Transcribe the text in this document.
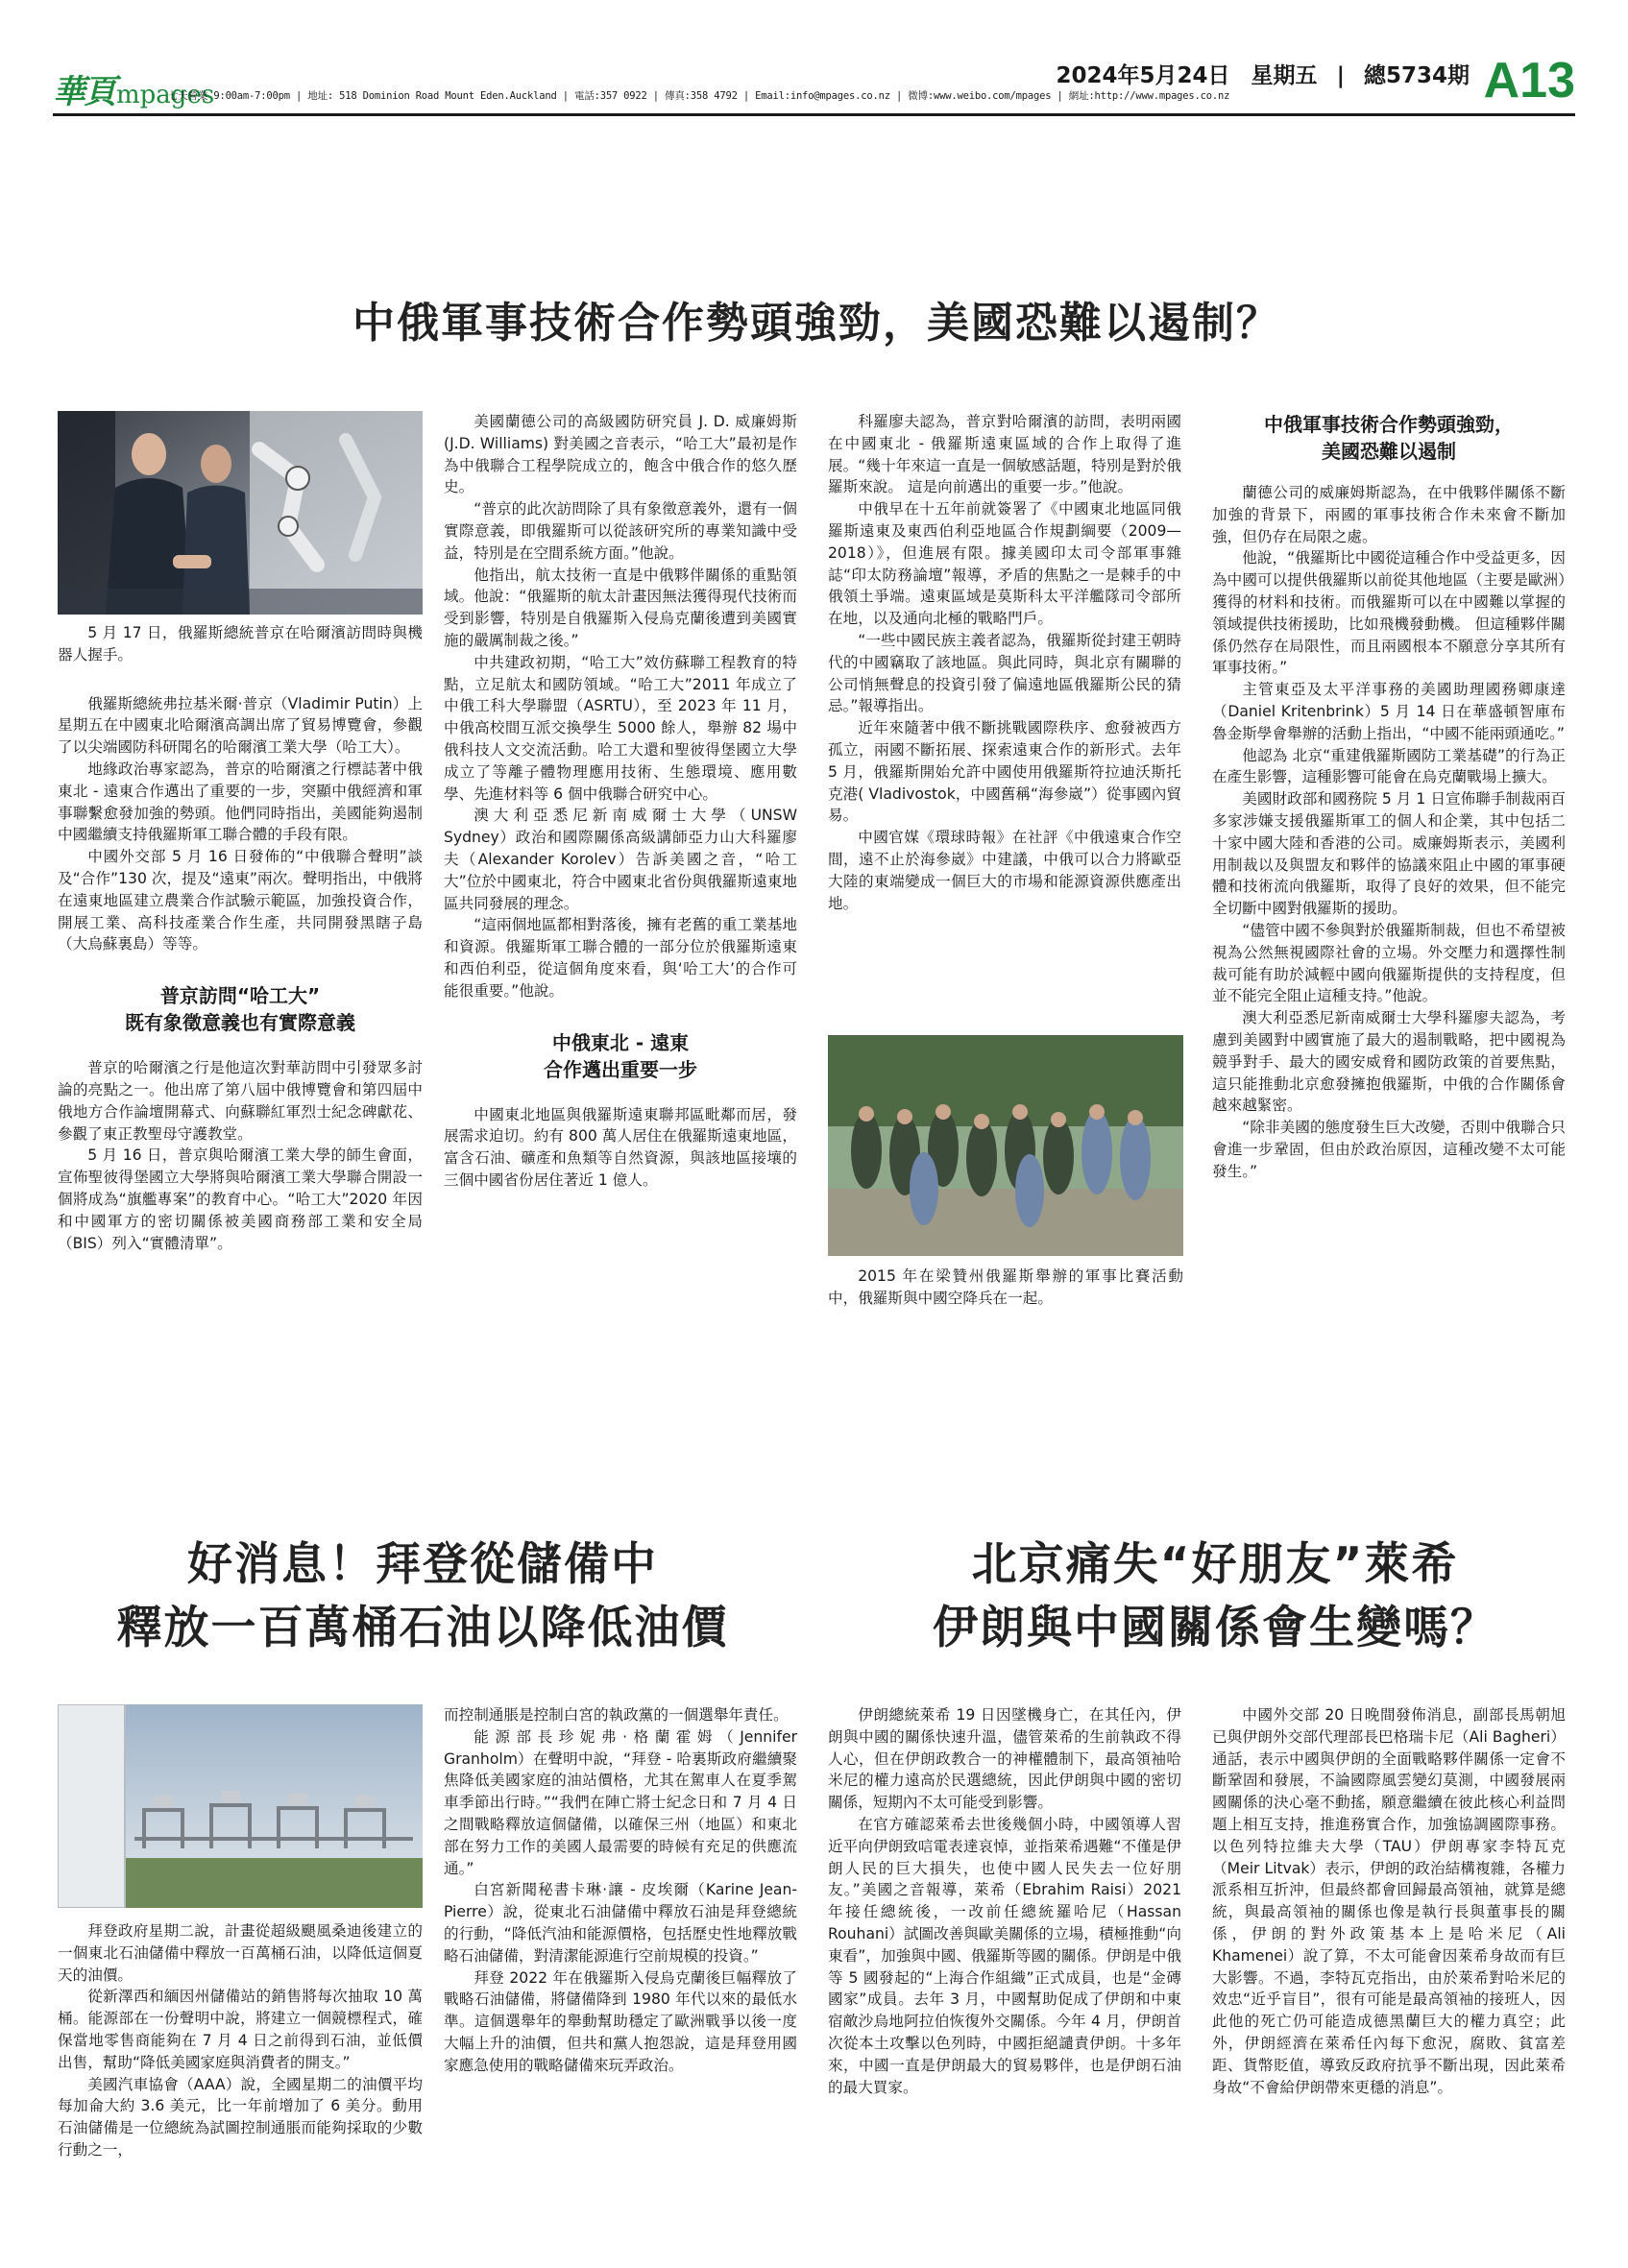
華頁 mpages
七天營業 9:00am-7:00pm | 地址: 518 Dominion Road Mount Eden.Auckland | 電話:357 0922 | 傳真:358 4792 | Email:info@mpages.co.nz | 微博:www.weibo.com/mpages | 網址:http://www.mpages.co.nz
2024年5月24日 星期五 | 總5734期 A13
中俄軍事技術合作勢頭強勁，美國恐難以遏制？

5 月 17 日，俄羅斯總統普京在哈爾濱訪問時與機器人握手。

俄羅斯總統弗拉基米爾·普京（Vladimir Putin）上星期五在中國東北哈爾濱高調出席了貿易博覽會，參觀了以尖端國防科研聞名的哈爾濱工業大學（哈工大）。

地緣政治專家認為，普京的哈爾濱之行標誌著中俄東北 - 遠東合作邁出了重要的一步，突顯中俄經濟和軍事聯繫愈發加強的勢頭。他們同時指出，美國能夠遏制中國繼續支持俄羅斯軍工聯合體的手段有限。

中國外交部 5 月 16 日發佈的“中俄聯合聲明”談及“合作”130 次，提及“遠東”兩次。聲明指出，中俄將在遠東地區建立農業合作試驗示範區，加強投資合作，開展工業、高科技產業合作生產，共同開發黑瞎子島（大烏蘇裏島）等等。

普京訪問“哈工大”
既有象徵意義也有實際意義

普京的哈爾濱之行是他這次對華訪問中引發眾多討論的亮點之一。他出席了第八屆中俄博覽會和第四屆中俄地方合作論壇開幕式、向蘇聯紅軍烈士紀念碑獻花、參觀了東正教聖母守護教堂。

5 月 16 日，普京與哈爾濱工業大學的師生會面，宣佈聖彼得堡國立大學將與哈爾濱工業大學聯合開設一個將成為“旗艦專案”的教育中心。“哈工大”2020 年因和中國軍方的密切關係被美國商務部工業和安全局（BIS）列入“實體清單”。

美國蘭德公司的高級國防研究員 J. D. 威廉姆斯 (J.D. Williams) 對美國之音表示，“哈工大”最初是作為中俄聯合工程學院成立的，飽含中俄合作的悠久歷史。

“普京的此次訪問除了具有象徵意義外，還有一個實際意義，即俄羅斯可以從該研究所的專業知識中受益，特別是在空間系統方面。”他說。

他指出，航太技術一直是中俄夥伴關係的重點領域。他說：“俄羅斯的航太計畫因無法獲得現代技術而受到影響，特別是自俄羅斯入侵烏克蘭後遭到美國實施的嚴厲制裁之後。”

中共建政初期，“哈工大”效仿蘇聯工程教育的特點，立足航太和國防領域。“哈工大”2011 年成立了中俄工科大學聯盟（ASRTU），至 2023 年 11 月，中俄高校間互派交換學生 5000 餘人，舉辦 82 場中俄科技人文交流活動。哈工大還和聖彼得堡國立大學成立了等離子體物理應用技術、生態環境、應用數學、先進材料等 6 個中俄聯合研究中心。

澳大利亞悉尼新南威爾士大學（UNSW Sydney）政治和國際關係高級講師亞力山大科羅廖夫（Alexander Korolev）告訴美國之音，“哈工大”位於中國東北，符合中國東北省份與俄羅斯遠東地區共同發展的理念。

“這兩個地區都相對落後，擁有老舊的重工業基地和資源。俄羅斯軍工聯合體的一部分位於俄羅斯遠東和西伯利亞，從這個角度來看，與‘哈工大’的合作可能很重要。”他說。

中俄東北 - 遠東
合作邁出重要一步

中國東北地區與俄羅斯遠東聯邦區毗鄰而居，發展需求迫切。約有 800 萬人居住在俄羅斯遠東地區，富含石油、礦產和魚類等自然資源，與該地區接壤的三個中國省份居住著近 1 億人。

科羅廖夫認為，普京對哈爾濱的訪問，表明兩國在中國東北 - 俄羅斯遠東區域的合作上取得了進展。“幾十年來這一直是一個敏感話題，特別是對於俄羅斯來說。 這是向前邁出的重要一步。”他說。

中俄早在十五年前就簽署了《中國東北地區同俄羅斯遠東及東西伯利亞地區合作規劃綱要（2009—2018）》，但進展有限。據美國印太司令部軍事雜誌“印太防務論壇”報導，矛盾的焦點之一是棘手的中俄領土爭端。遠東區域是莫斯科太平洋艦隊司令部所在地，以及通向北極的戰略門戶。

“一些中國民族主義者認為，俄羅斯從封建王朝時代的中國竊取了該地區。與此同時，與北京有關聯的公司悄無聲息的投資引發了偏遠地區俄羅斯公民的猜忌。”報導指出。

近年來隨著中俄不斷挑戰國際秩序、愈發被西方孤立，兩國不斷拓展、探索遠東合作的新形式。去年 5 月，俄羅斯開始允許中國使用俄羅斯符拉迪沃斯托克港( Vladivostok，中國舊稱“海參崴”）從事國內貿易。

中國官媒《環球時報》在社評《中俄遠東合作空間，遠不止於海參崴》中建議，中俄可以合力將歐亞大陸的東端變成一個巨大的市場和能源資源供應產出地。

2015 年在梁贊州俄羅斯舉辦的軍事比賽活動中，俄羅斯與中國空降兵在一起。

中俄軍事技術合作勢頭強勁，
美國恐難以遏制

蘭德公司的威廉姆斯認為，在中俄夥伴關係不斷加強的背景下，兩國的軍事技術合作未來會不斷加強，但仍存在局限之處。

他說，“俄羅斯比中國從這種合作中受益更多，因為中國可以提供俄羅斯以前從其他地區（主要是歐洲）獲得的材料和技術。而俄羅斯可以在中國難以掌握的領域提供技術援助，比如飛機發動機。 但這種夥伴關係仍然存在局限性，而且兩國根本不願意分享其所有軍事技術。”

主管東亞及太平洋事務的美國助理國務卿康達（Daniel Kritenbrink）5 月 14 日在華盛頓智庫布魯金斯學會舉辦的活動上指出，“中國不能兩頭通吃。”

他認為 北京“重建俄羅斯國防工業基礎”的行為正在產生影響，這種影響可能會在烏克蘭戰場上擴大。

美國財政部和國務院 5 月 1 日宣佈聯手制裁兩百多家涉嫌支援俄羅斯軍工的個人和企業，其中包括二十家中國大陸和香港的公司。威廉姆斯表示，美國利用制裁以及與盟友和夥伴的協議來阻止中國的軍事硬體和技術流向俄羅斯，取得了良好的效果，但不能完全切斷中國對俄羅斯的援助。

“儘管中國不參與對於俄羅斯制裁，但也不希望被視為公然無視國際社會的立場。外交壓力和選擇性制裁可能有助於減輕中國向俄羅斯提供的支持程度，但並不能完全阻止這種支持。”他說。

澳大利亞悉尼新南威爾士大學科羅廖夫認為，考慮到美國對中國實施了最大的遏制戰略，把中國視為競爭對手、最大的國安威脅和國防政策的首要焦點，這只能推動北京愈發擁抱俄羅斯，中俄的合作關係會越來越緊密。

“除非美國的態度發生巨大改變，否則中俄聯合只會進一步鞏固，但由於政治原因，這種改變不太可能發生。”

好消息！拜登從儲備中
釋放一百萬桶石油以降低油價

拜登政府星期二說，計畫從超級颶風桑迪後建立的一個東北石油儲備中釋放一百萬桶石油，以降低這個夏天的油價。

從新澤西和緬因州儲備站的銷售將每次抽取 10 萬桶。能源部在一份聲明中說，將建立一個競標程式，確保當地零售商能夠在 7 月 4 日之前得到石油，並低價出售，幫助“降低美國家庭與消費者的開支。”

美國汽車協會（AAA）說，全國星期二的油價平均每加侖大約 3.6 美元，比一年前增加了 6 美分。動用石油儲備是一位總統為試圖控制通脹而能夠採取的少數行動之一，

而控制通脹是控制白宮的執政黨的一個選舉年責任。

能源部長珍妮弗·格蘭霍姆（Jennifer Granholm）在聲明中說，“拜登 - 哈裏斯政府繼續聚焦降低美國家庭的油站價格，尤其在駕車人在夏季駕車季節出行時。”“我們在陣亡將士紀念日和 7 月 4 日之間戰略釋放這個儲備，以確保三州（地區）和東北部在努力工作的美國人最需要的時候有充足的供應流通。”

白宮新聞秘書卡琳·讓 - 皮埃爾（Karine Jean-Pierre）說，從東北石油儲備中釋放石油是拜登總統的行動，“降低汽油和能源價格，包括歷史性地釋放戰略石油儲備，對清潔能源進行空前規模的投資。”

拜登 2022 年在俄羅斯入侵烏克蘭後巨幅釋放了戰略石油儲備，將儲備降到 1980 年代以來的最低水準。這個選舉年的舉動幫助穩定了歐洲戰爭以後一度大幅上升的油價，但共和黨人抱怨說，這是拜登用國家應急使用的戰略儲備來玩弄政治。

北京痛失“好朋友”萊希
伊朗與中國關係會生變嗎？

伊朗總統萊希 19 日因墜機身亡，在其任內，伊朗與中國的關係快速升溫，儘管萊希的生前執政不得人心，但在伊朗政教合一的神權體制下，最高領袖哈米尼的權力遠高於民選總統，因此伊朗與中國的密切關係，短期內不太可能受到影響。

在官方確認萊希去世後幾個小時，中國領導人習近平向伊朗致唁電表達哀悼，並指萊希遇難“不僅是伊朗人民的巨大損失，也使中國人民失去一位好朋友。”美國之音報導，萊希（Ebrahim Raisi）2021 年接任總統後，一改前任總統羅哈尼（Hassan Rouhani）試圖改善與歐美關係的立場，積極推動“向東看”，加強與中國、俄羅斯等國的關係。伊朗是中俄等 5 國發起的“上海合作組織”正式成員，也是“金磚國家”成員。去年 3 月，中國幫助促成了伊朗和中東宿敵沙烏地阿拉伯恢復外交關係。今年 4 月，伊朗首次從本土攻擊以色列時，中國拒絕譴責伊朗。十多年來，中國一直是伊朗最大的貿易夥伴，也是伊朗石油的最大買家。

中國外交部 20 日晚間發佈消息，副部長馬朝旭已與伊朗外交部代理部長巴格瑞卡尼（Ali Bagheri）通話，表示中國與伊朗的全面戰略夥伴關係一定會不斷鞏固和發展，不論國際風雲變幻莫測，中國發展兩國關係的決心毫不動搖，願意繼續在彼此核心利益問題上相互支持，推進務實合作，加強協調國際事務。以色列特拉維夫大學（TAU）伊朗專家李特瓦克（Meir Litvak）表示，伊朗的政治結構複雜，各權力派系相互折沖，但最終都會回歸最高領袖，就算是總統，與最高領袖的關係也像是執行長與董事長的關係，伊朗的對外政策基本上是哈米尼（Ali Khamenei）說了算，不太可能會因萊希身故而有巨大影響。不過，李特瓦克指出，由於萊希對哈米尼的效忠“近乎盲目”，很有可能是最高領袖的接班人，因此他的死亡仍可能造成德黑蘭巨大的權力真空；此外，伊朗經濟在萊希任內每下愈況，腐敗、貧富差距、貨幣貶值，導致反政府抗爭不斷出現，因此萊希身故“不會給伊朗帶來更穩的消息”。
